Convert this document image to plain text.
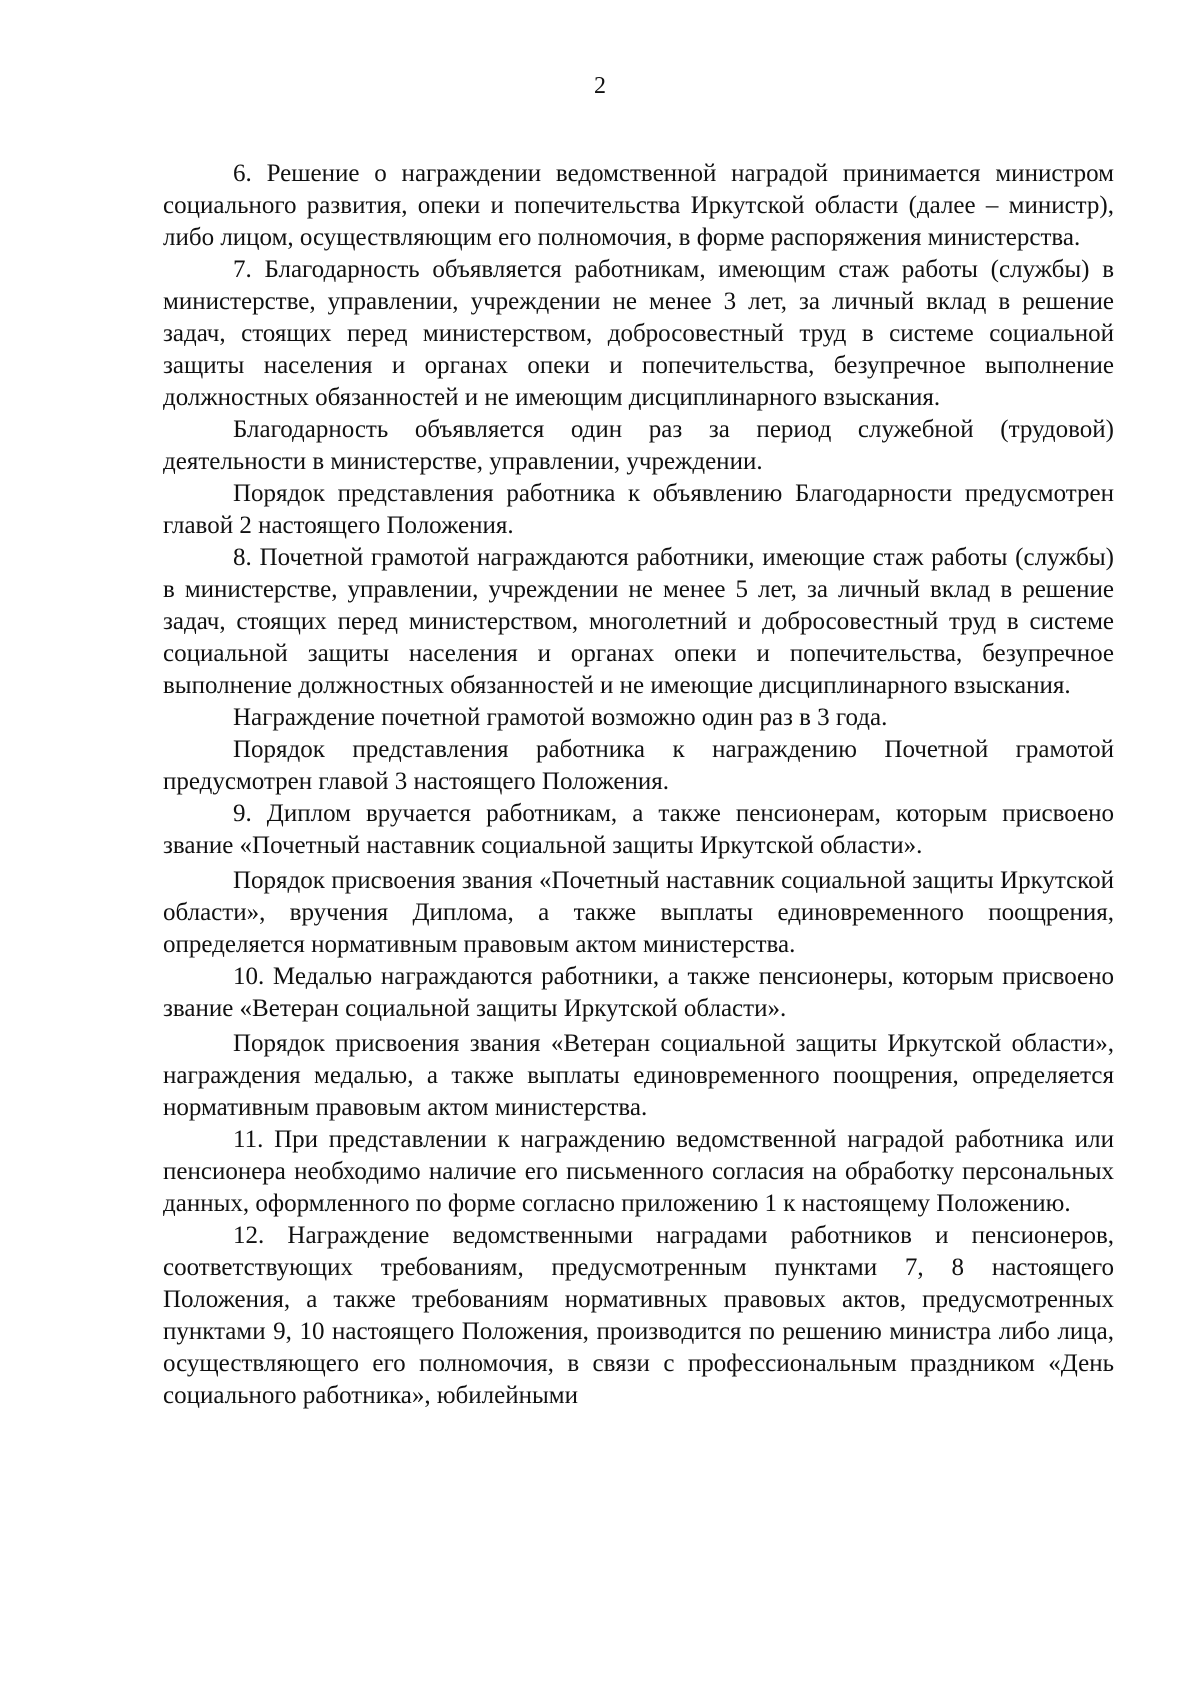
2

6. Решение о награждении ведомственной наградой принимается министром социального развития, опеки и попечительства Иркутской области (далее – министр), либо лицом, осуществляющим его полномочия, в форме распоряжения министерства.

7. Благодарность объявляется работникам, имеющим стаж работы (службы) в министерстве, управлении, учреждении не менее 3 лет, за личный вклад в решение задач, стоящих перед министерством, добросовестный труд в системе социальной защиты населения и органах опеки и попечительства, безупречное выполнение должностных обязанностей и не имеющим дисциплинарного взыскания.

Благодарность объявляется один раз за период служебной (трудовой) деятельности в министерстве, управлении, учреждении.

Порядок представления работника к объявлению Благодарности предусмотрен главой 2 настоящего Положения.

8. Почетной грамотой награждаются работники, имеющие стаж работы (службы) в министерстве, управлении, учреждении не менее 5 лет, за личный вклад в решение задач, стоящих перед министерством, многолетний и добросовестный труд в системе социальной защиты населения и органах опеки и попечительства, безупречное выполнение должностных обязанностей и не имеющие дисциплинарного взыскания.

Награждение почетной грамотой возможно один раз в 3 года.

Порядок представления работника к награждению Почетной грамотой предусмотрен главой 3 настоящего Положения.

9. Диплом вручается работникам, а также пенсионерам, которым присвоено звание «Почетный наставник социальной защиты Иркутской области».

Порядок присвоения звания «Почетный наставник социальной защиты Иркутской области», вручения Диплома, а также выплаты единовременного поощрения, определяется нормативным правовым актом министерства.

10. Медалью награждаются работники, а также пенсионеры, которым присвоено звание «Ветеран социальной защиты Иркутской области».

Порядок присвоения звания «Ветеран социальной защиты Иркутской области», награждения медалью, а также выплаты единовременного поощрения, определяется нормативным правовым актом министерства.

11. При представлении к награждению ведомственной наградой работника или пенсионера необходимо наличие его письменного согласия на обработку персональных данных, оформленного по форме согласно приложению 1 к настоящему Положению.

12. Награждение ведомственными наградами работников и пенсионеров, соответствующих требованиям, предусмотренным пунктами 7, 8 настоящего Положения, а также требованиям нормативных правовых актов, предусмотренных пунктами 9, 10 настоящего Положения, производится по решению министра либо лица, осуществляющего его полномочия, в связи с профессиональным праздником «День социального работника», юбилейными
